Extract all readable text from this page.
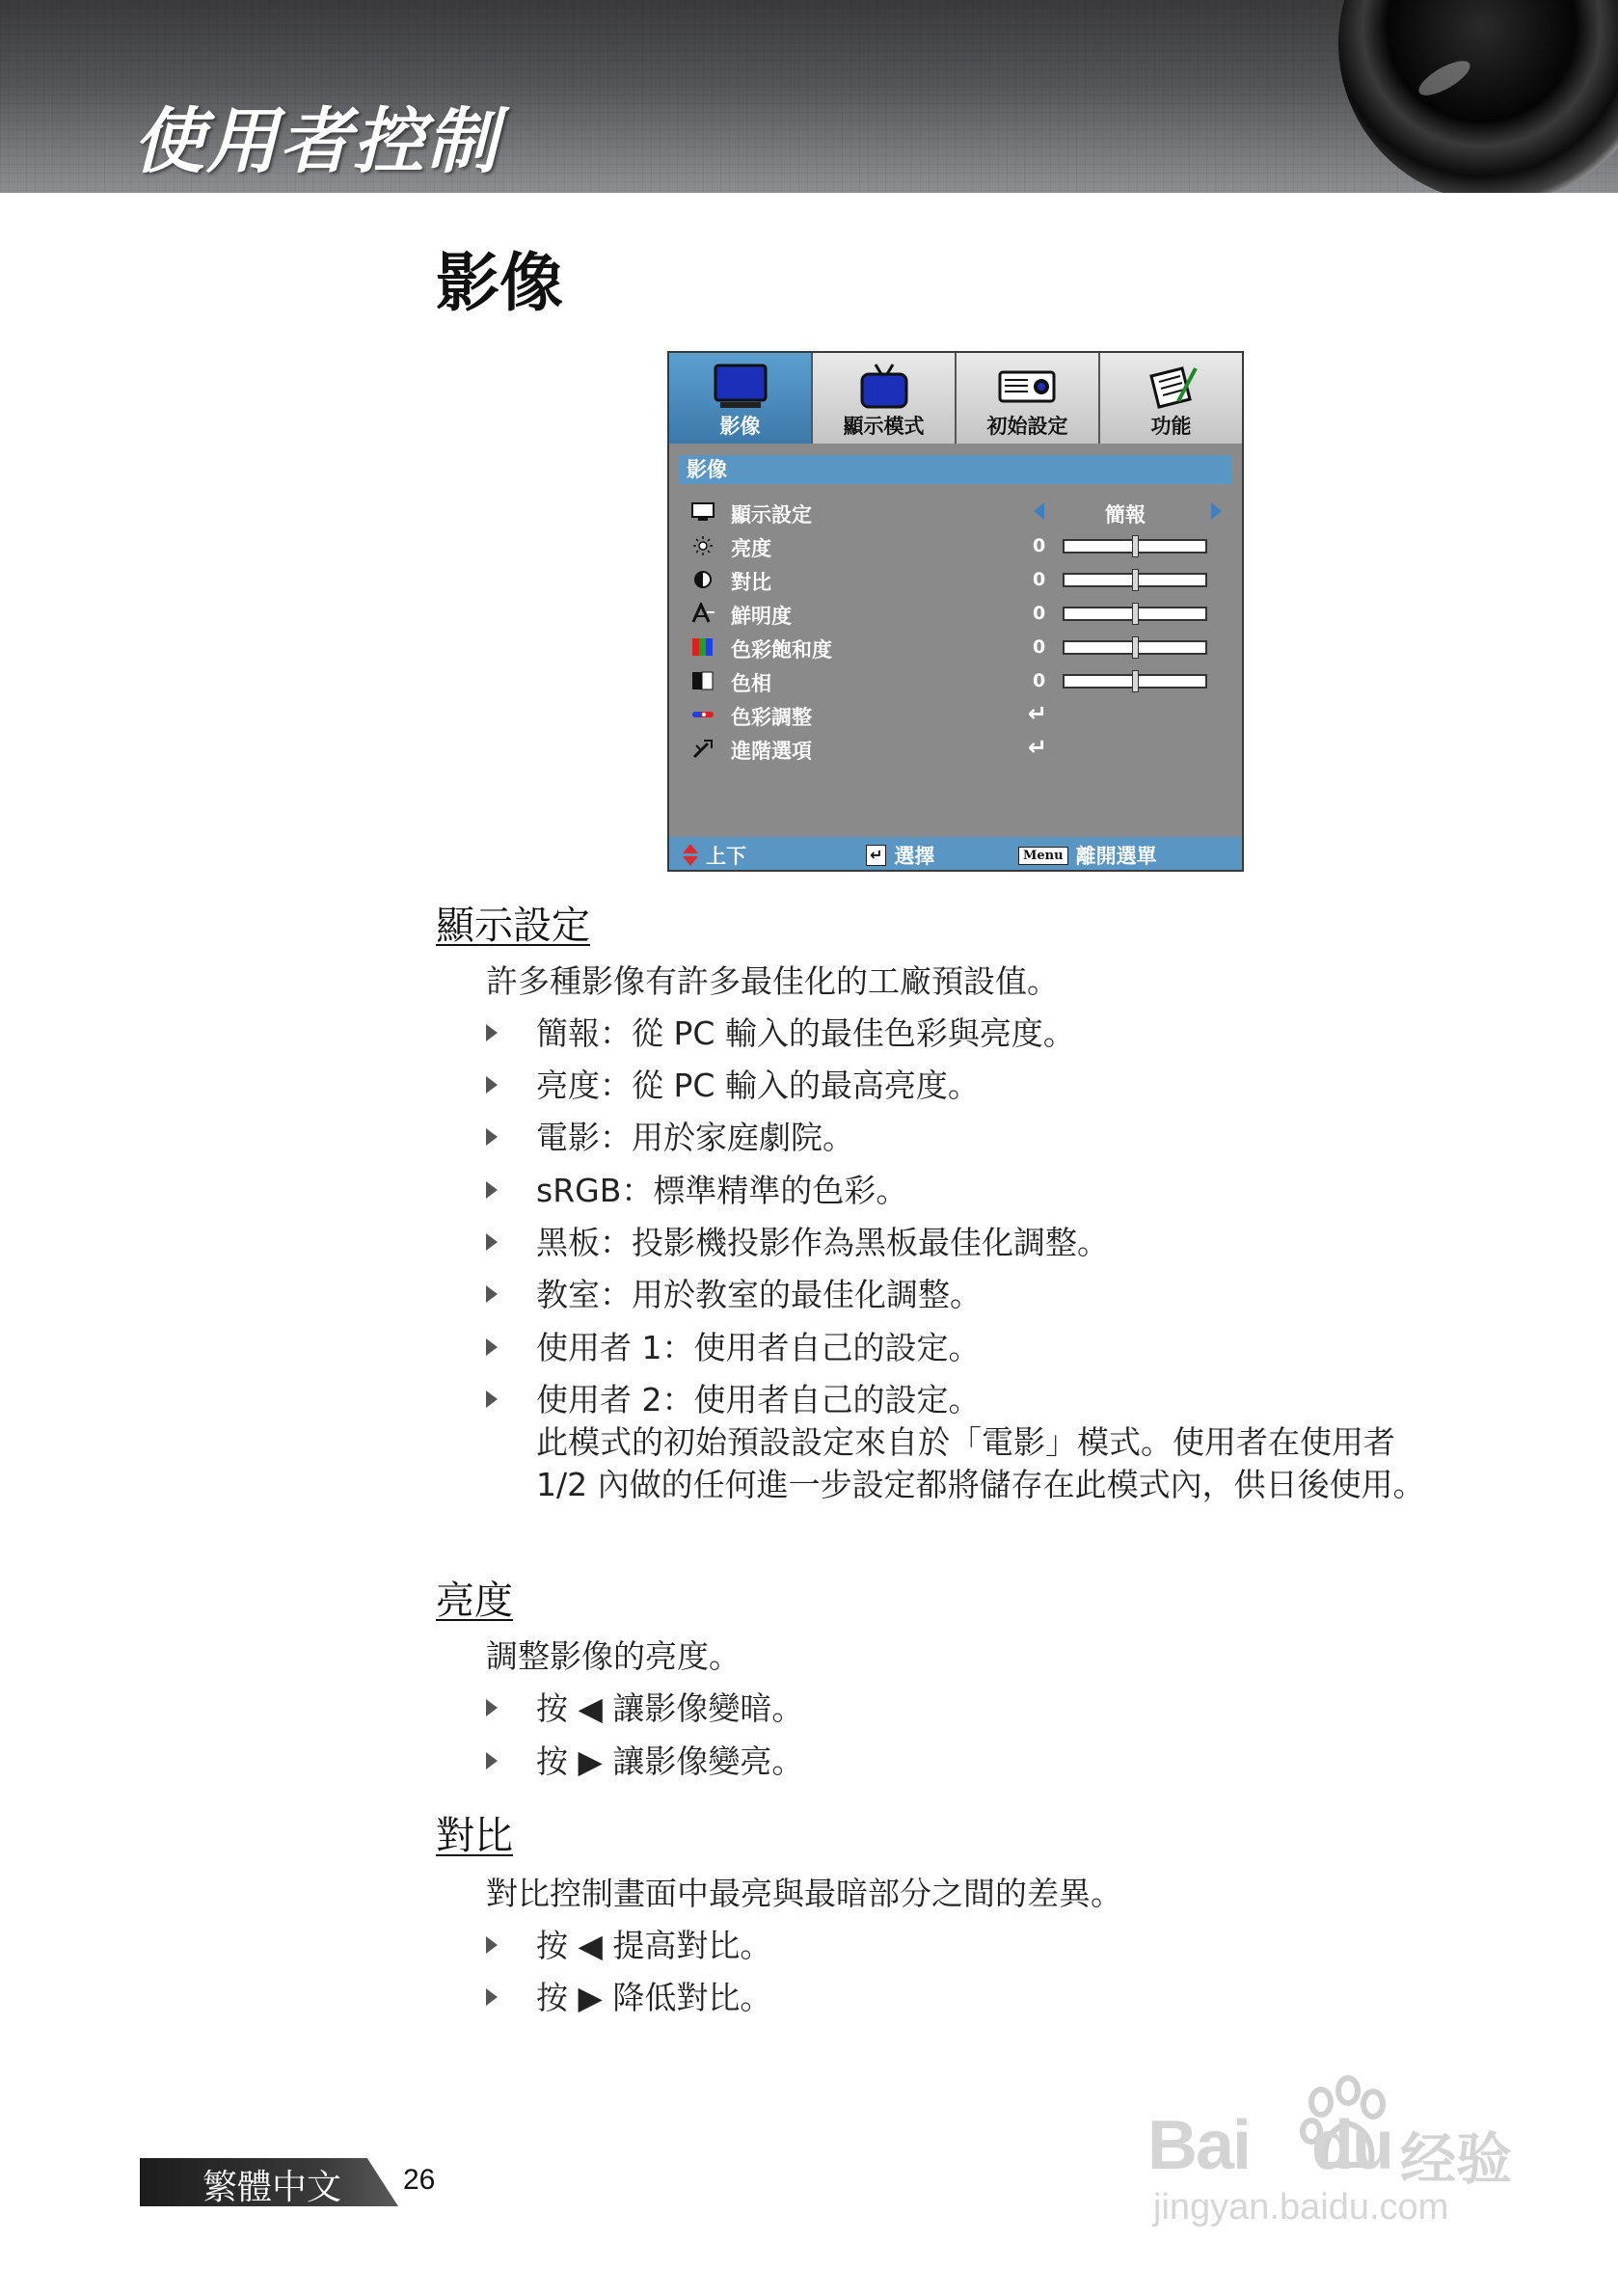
使用者控制
影像
影像	顯示模式	初始設定	功能
影像
顯示設定	簡報
亮度	0
對比	0
鮮明度	0
色彩飽和度	0
色相	0
色彩調整	↵
進階選項	↵
上下	↵ 選擇	Menu 離開選單
顯示設定

許多種影像有許多最佳化的工廠預設值。

簡報：從 PC 輸入的最佳色彩與亮度。
亮度：從 PC 輸入的最高亮度。
電影：用於家庭劇院。
sRGB：標準精準的色彩。
黑板：投影機投影作為黑板最佳化調整。
教室：用於教室的最佳化調整。
使用者 1：使用者自己的設定。
使用者 2：使用者自己的設定。
此模式的初始預設設定來自於「電影」模式。使用者在使用者 1/2 內做的任何進一步設定都將儲存在此模式內，供日後使用。
亮度

調整影像的亮度。

按 ◀ 讓影像變暗。
按 ▶ 讓影像變亮。
對比

對比控制畫面中最亮與最暗部分之間的差異。

按 ◀ 提高對比。
按 ▶ 降低對比。
繁體中文 26	Bai du 经验
jingyan.baidu.com
